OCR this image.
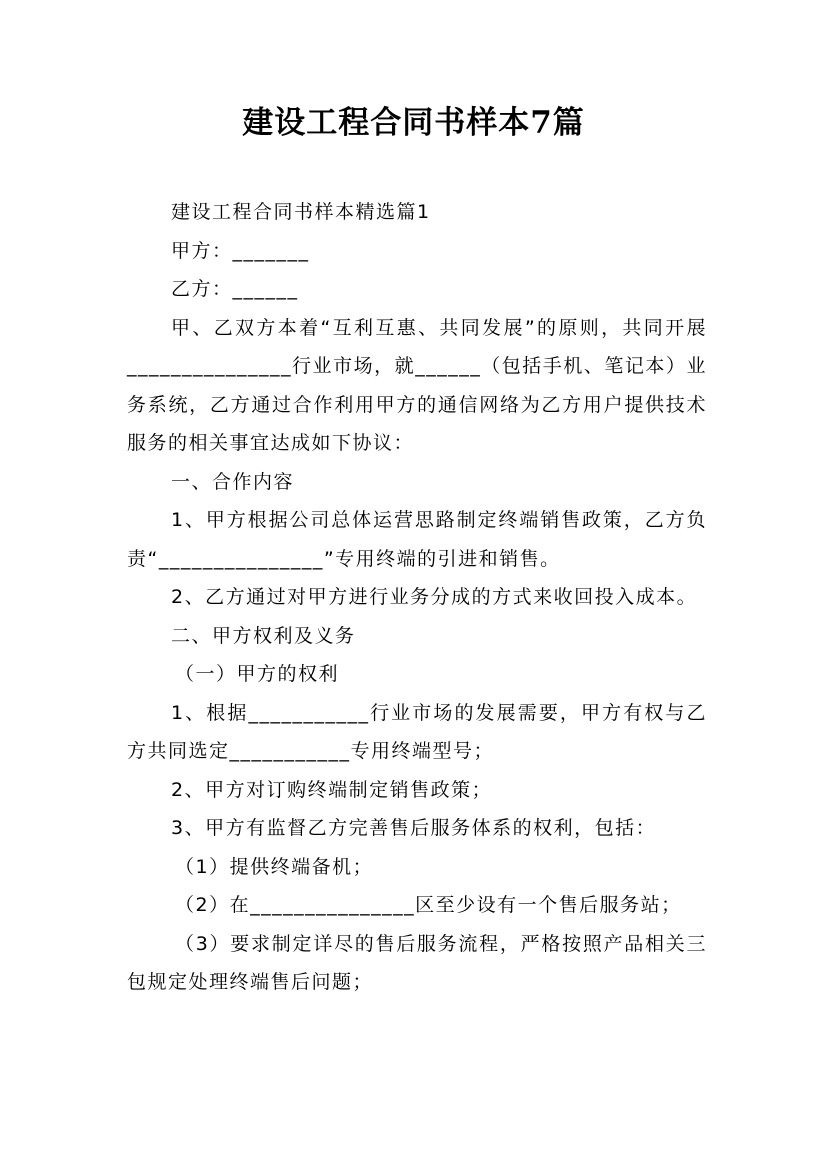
建设工程合同书样本7篇

建设工程合同书样本精选篇1

甲方：_______

乙方：______

甲、乙双方本着“互利互惠、共同发展”的原则，共同开展_______________行业市场，就______（包括手机、笔记本）业务系统，乙方通过合作利用甲方的通信网络为乙方用户提供技术服务的相关事宜达成如下协议：

一、合作内容

1、甲方根据公司总体运营思路制定终端销售政策，乙方负责“_______________”专用终端的引进和销售。

2、乙方通过对甲方进行业务分成的方式来收回投入成本。

二、甲方权利及义务

（一）甲方的权利

1、根据___________行业市场的发展需要，甲方有权与乙方共同选定___________专用终端型号；

2、甲方对订购终端制定销售政策；

3、甲方有监督乙方完善售后服务体系的权利，包括：

（1）提供终端备机；

（2）在_______________区至少设有一个售后服务站；

（3）要求制定详尽的售后服务流程，严格按照产品相关三包规定处理终端售后问题；
